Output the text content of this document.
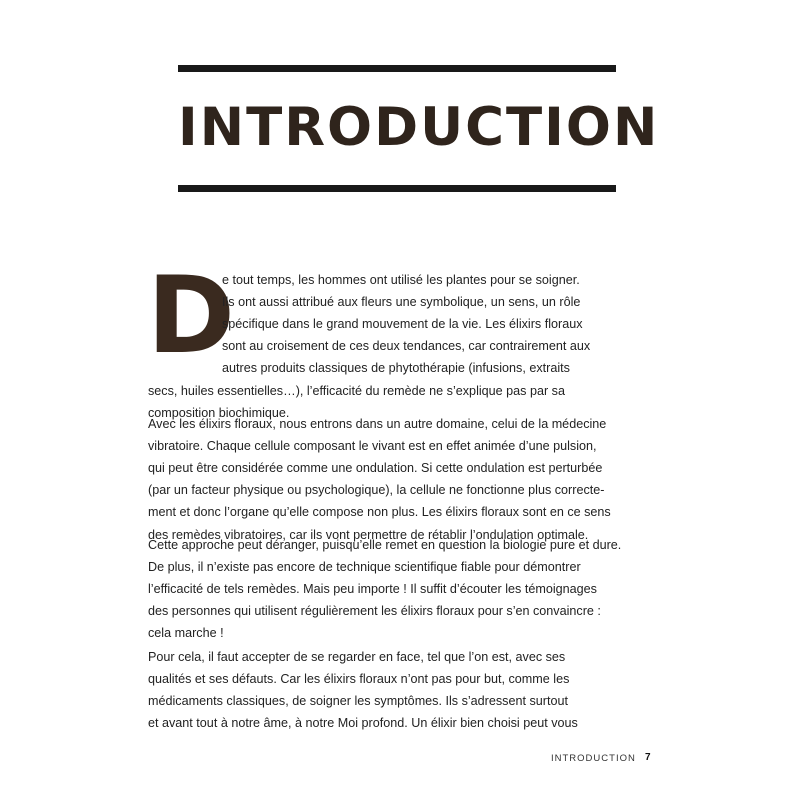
INTRODUCTION
D
e tout temps, les hommes ont utilisé les plantes pour se soigner.
Ils ont aussi attribué aux fleurs une symbolique, un sens, un rôle
spécifique dans le grand mouvement de la vie. Les élixirs floraux
sont au croisement de ces deux tendances, car contrairement aux
autres produits classiques de phytothérapie (infusions, extraits
secs, huiles essentielles…), l’efficacité du remède ne s’explique pas par sa
composition biochimique.
Avec les élixirs floraux, nous entrons dans un autre domaine, celui de la médecine
vibratoire. Chaque cellule composant le vivant est en effet animée d’une pulsion,
qui peut être considérée comme une ondulation. Si cette ondulation est perturbée
(par un facteur physique ou psychologique), la cellule ne fonctionne plus correcte-
ment et donc l’organe qu’elle compose non plus. Les élixirs floraux sont en ce sens
des remèdes vibratoires, car ils vont permettre de rétablir l’ondulation optimale.
Cette approche peut déranger, puisqu’elle remet en question la biologie pure et dure.
De plus, il n’existe pas encore de technique scientifique fiable pour démontrer
l’efficacité de tels remèdes. Mais peu importe ! Il suffit d’écouter les témoignages
des personnes qui utilisent régulièrement les élixirs floraux pour s’en convaincre :
cela marche !
Pour cela, il faut accepter de se regarder en face, tel que l’on est, avec ses
qualités et ses défauts. Car les élixirs floraux n’ont pas pour but, comme les
médicaments classiques, de soigner les symptômes. Ils s’adressent surtout
et avant tout à notre âme, à notre Moi profond. Un élixir bien choisi peut vous
INTRODUCTION 7
